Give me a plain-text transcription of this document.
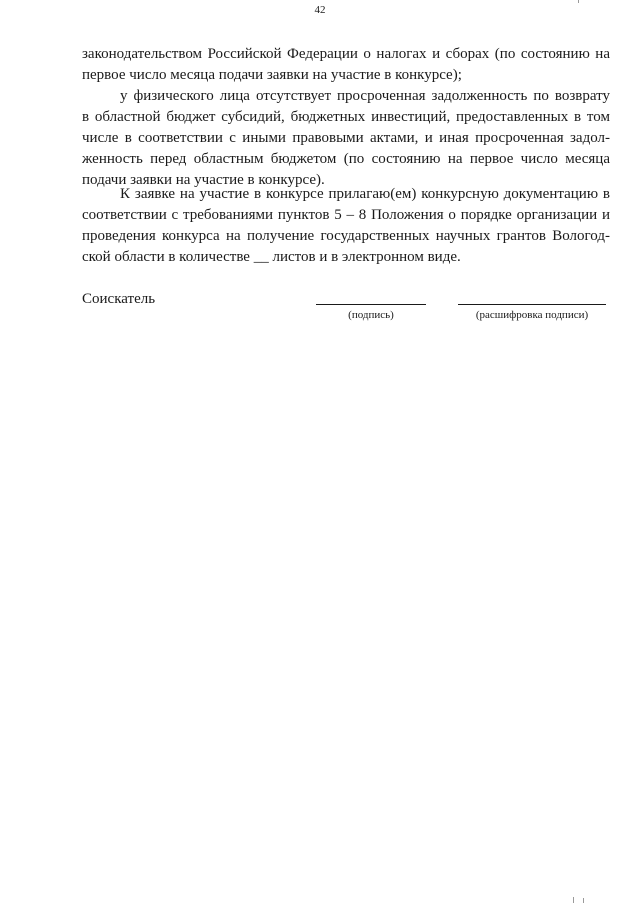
42

законодательством Российской Федерации о налогах и сборах (по состоянию на
первое число месяца подачи заявки на участие в конкурсе);

у физического лица отсутствует просроченная задолженность по возврату
в областной бюджет субсидий, бюджетных инвестиций, предоставленных в том
числе в соответствии с иными правовыми актами, и иная просроченная задол-
женность перед областным бюджетом (по состоянию на первое число месяца
подачи заявки на участие в конкурсе).

К заявке на участие в конкурсе прилагаю(ем) конкурсную документацию в
соответствии с требованиями пунктов 5 – 8 Положения о порядке организации и
проведения конкурса на получение государственных научных грантов Вологод-
ской области в количестве __ листов и в электронном виде.

Соискатель
(подпись)	(расшифровка подписи)
